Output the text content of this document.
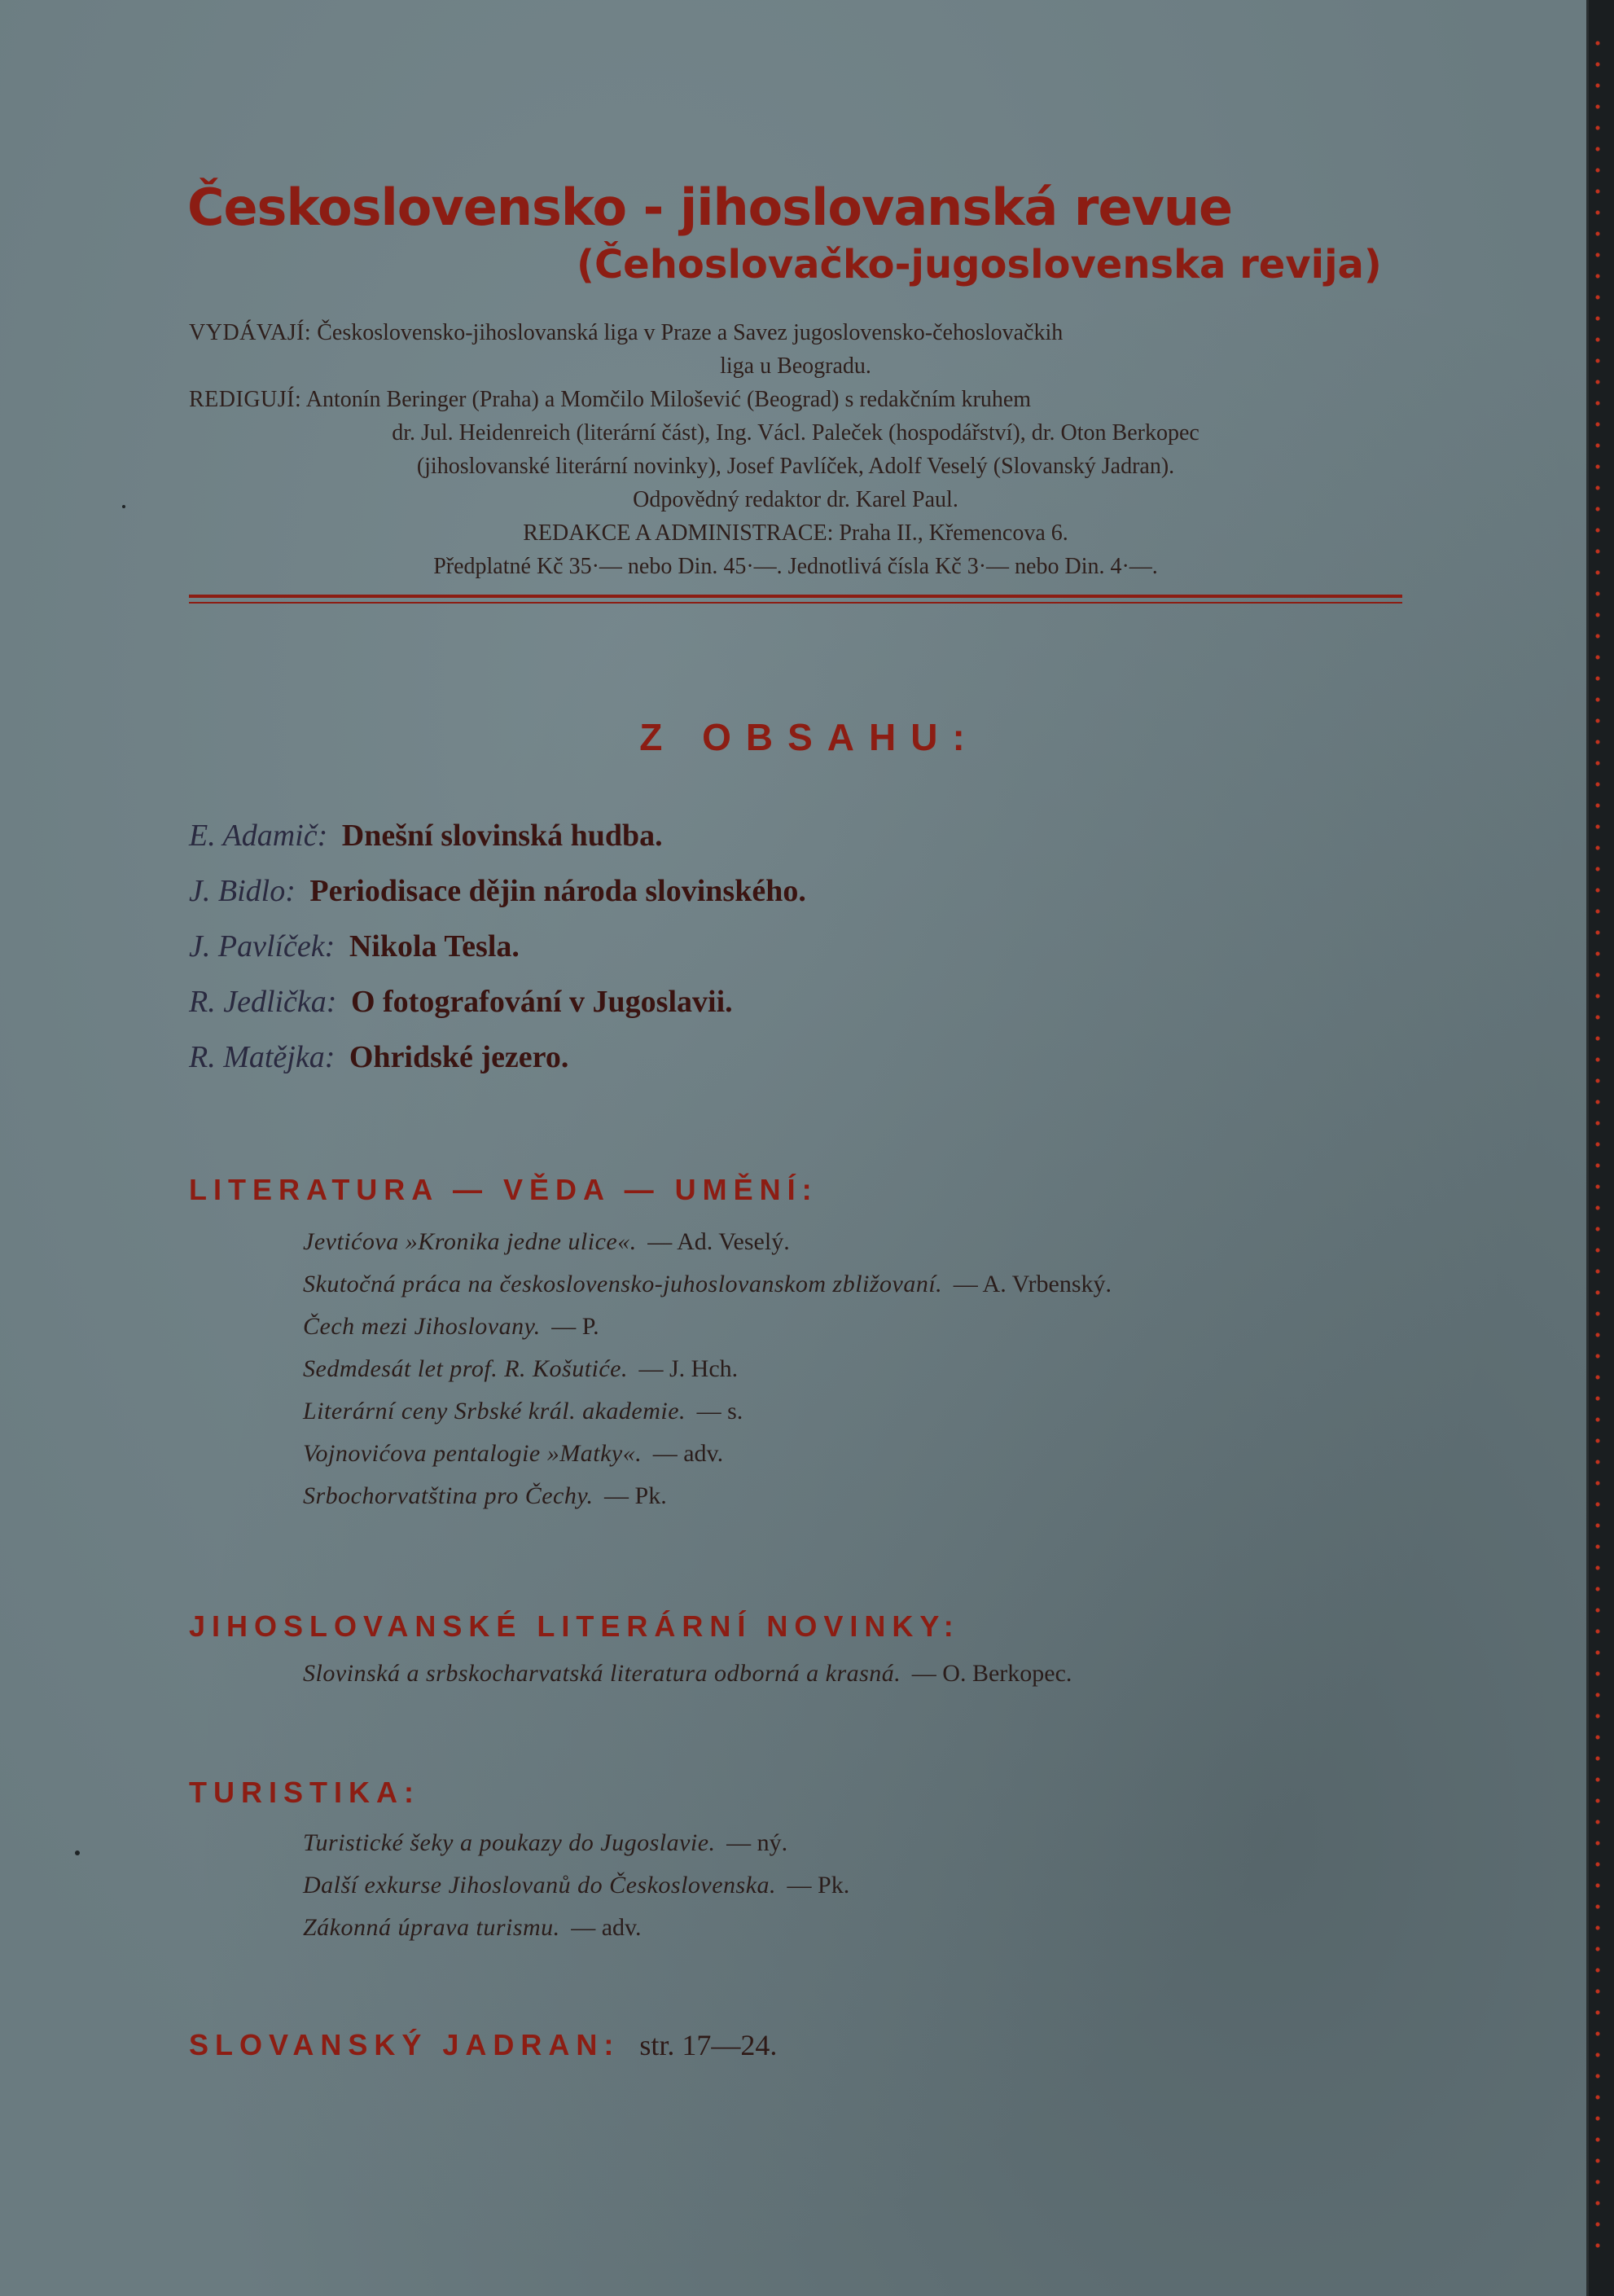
Československo - jihoslovanská revue
(Čehoslovačko-jugoslovenska revija)

VYDÁVAJÍ: Československo-jihoslovanská liga v Praze a Savez jugoslovensko-čehoslovačkih

liga u Beogradu.

REDIGUJÍ: Antonín Beringer (Praha) a Momčilo Milošević (Beograd) s redakčním kruhem

dr. Jul. Heidenreich (literární část), Ing. Václ. Paleček (hospodářství), dr. Oton Berkopec

(jihoslovanské literární novinky), Josef Pavlíček, Adolf Veselý (Slovanský Jadran).

Odpovědný redaktor dr. Karel Paul.

REDAKCE A ADMINISTRACE: Praha II., Křemencova 6.

Předplatné Kč 35·— nebo Din. 45·—. Jednotlivá čísla Kč 3·— nebo Din. 4·—.

Z OBSAHU:
E. Adamič: Dnešní slovinská hudba.
J. Bidlo: Periodisace dějin národa slovinského.
J. Pavlíček: Nikola Tesla.
R. Jedlička: O fotografování v Jugoslavii.
R. Matějka: Ohridské jezero.
LITERATURA — VĚDA — UMĚNÍ:
Jevtićova »Kronika jedne ulice«. — Ad. Veselý.
Skutočná práca na československo-juhoslovanskom zbližovaní. — A. Vrbenský.
Čech mezi Jihoslovany. — P.
Sedmdesát let prof. R. Košutiće. — J. Hch.
Literární ceny Srbské král. akademie. — s.
Vojnovićova pentalogie »Matky«. — adv.
Srbochorvatština pro Čechy. — Pk.
JIHOSLOVANSKÉ LITERÁRNÍ NOVINKY:
Slovinská a srbskocharvatská literatura odborná a krasná. — O. Berkopec.
TURISTIKA:
Turistické šeky a poukazy do Jugoslavie. — ný.
Další exkurse Jihoslovanů do Československa. — Pk.
Zákonná úprava turismu. — adv.
SLOVANSKÝ JADRAN: str. 17—24.
